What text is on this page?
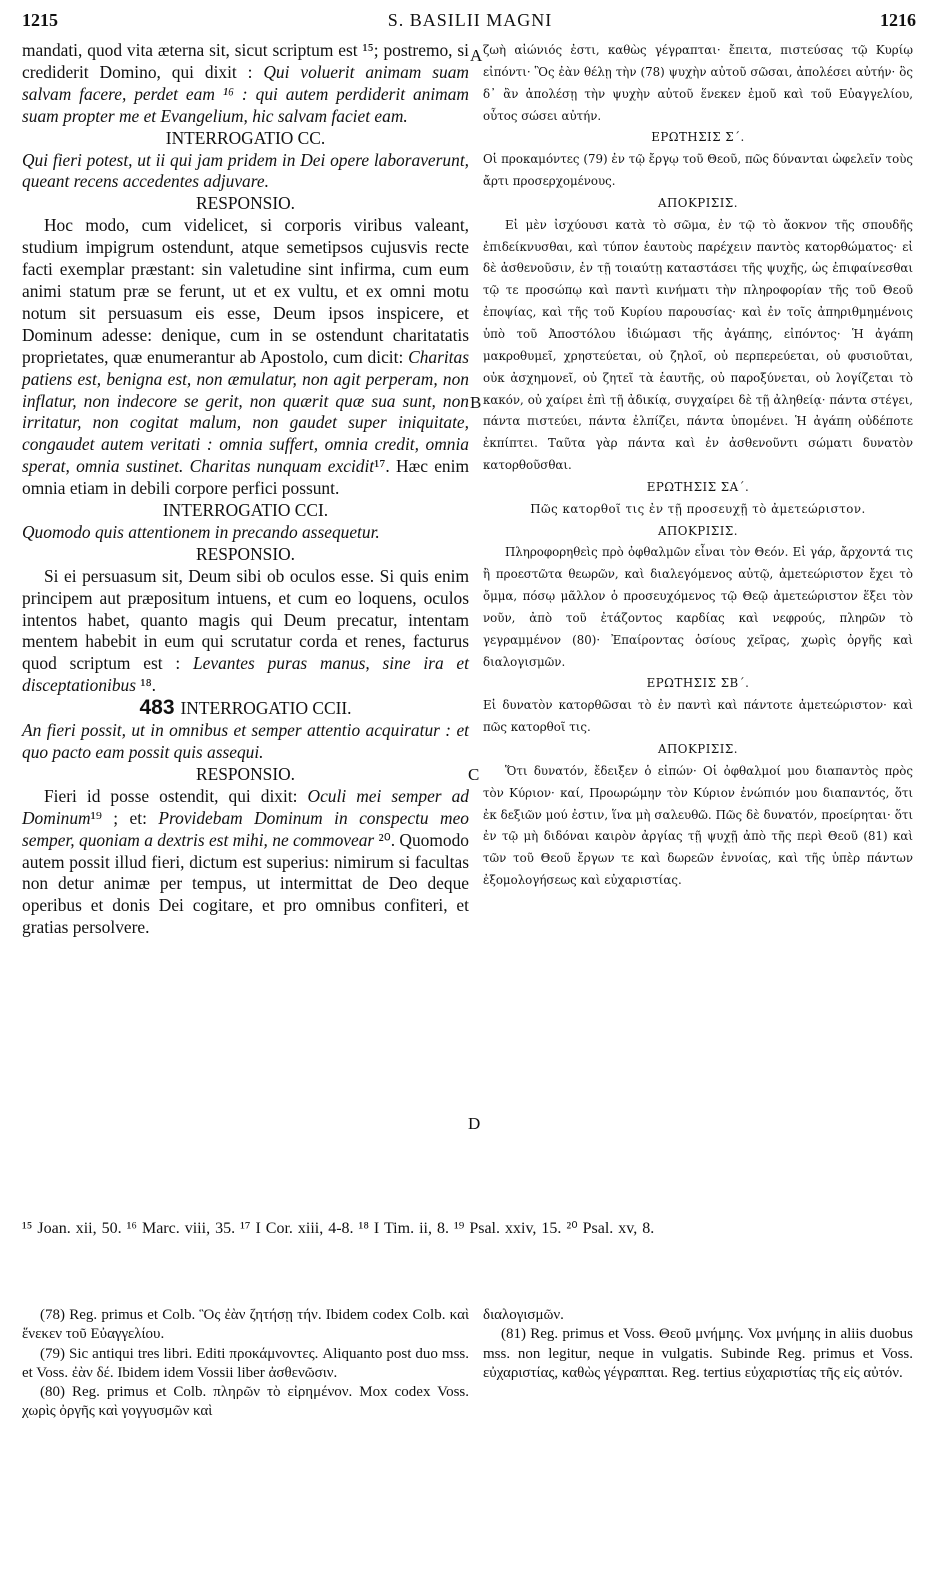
1215	S. BASILII MAGNI	1216

mandati, quod vita æterna sit, sicut scriptum est ¹⁵; postremo, si crediderit Domino, qui dixit : Qui voluerit animam suam salvam facere, perdet eam ¹⁶ : qui autem perdiderit animam suam propter me et Evangelium, hic salvam faciet eam.

INTERROGATIO CC.

Qui fieri potest, ut ii qui jam pridem in Dei opere laboraverunt, queant recens accedentes adjuvare.

RESPONSIO.

Hoc modo, cum videlicet, si corporis viribus valeant, studium impigrum ostendunt, atque semetipsos cujusvis recte facti exemplar præstant: sin valetudine sint infirma, cum eum animi statum præ se ferunt, ut et ex vultu, et ex omni motu notum sit persuasum eis esse, Deum ipsos inspicere, et Dominum adesse: denique, cum in se ostendunt charitatatis proprietates, quæ enumerantur ab Apostolo, cum dicit: Charitas patiens est, benigna est, non æmulatur, non agit perperam, non inflatur, non indecore se gerit, non quærit quæ sua sunt, non irritatur, non cogitat malum, non gaudet super iniquitate, congaudet autem veritati : omnia suffert, omnia credit, omnia sperat, omnia sustinet. Charitas nunquam excidit¹⁷. Hæc enim omnia etiam in debili corpore perfici possunt.

INTERROGATIO CCI.

Quomodo quis attentionem in precando assequetur.

RESPONSIO.

Si ei persuasum sit, Deum sibi ob oculos esse. Si quis enim principem aut præpositum intuens, et cum eo loquens, oculos intentos habet, quanto magis qui Deum precatur, intentam mentem habebit in eum qui scrutatur corda et renes, facturus quod scriptum est : Levantes puras manus, sine ira et disceptationibus ¹⁸.

483 INTERROGATIO CCII.

An fieri possit, ut in omnibus et semper attentio acquiratur : et quo pacto eam possit quis assequi.

RESPONSIO.

Fieri id posse ostendit, qui dixit: Oculi mei semper ad Dominum¹⁹ ; et: Providebam Dominum in conspectu meo semper, quoniam a dextris est mihi, ne commovear ²⁰. Quomodo autem possit illud fieri, dictum est superius: nimirum si facultas non detur animæ per tempus, ut intermittat de Deo deque operibus et donis Dei cogitare, et pro omnibus confiteri, et gratias persolvere.

A
B
C
D

ζωὴ αἰώνιός ἐστι, καθὼς γέγραπται· ἔπειτα, πιστεύσας τῷ Κυρίῳ εἰπόντι· Ὃς ἐὰν θέλῃ τὴν (78) ψυχὴν αὐτοῦ σῶσαι, ἀπολέσει αὐτήν· ὃς δ᾽ ἂν ἀπολέσῃ τὴν ψυχὴν αὐτοῦ ἕνεκεν ἐμοῦ καὶ τοῦ Εὐαγγελίου, οὗτος σώσει αὐτήν.

ΕΡΩΤΗΣΙΣ Σ΄.

Οἱ προκαμόντες (79) ἐν τῷ ἔργῳ τοῦ Θεοῦ, πῶς δύνανται ὠφελεῖν τοὺς ἄρτι προσερχομένους.

ΑΠΟΚΡΙΣΙΣ.

Εἰ μὲν ἰσχύουσι κατὰ τὸ σῶμα, ἐν τῷ τὸ ἄοκνον τῆς σπουδῆς ἐπιδείκνυσθαι, καὶ τύπον ἑαυτοὺς παρέχειν παντὸς κατορθώματος· εἰ δὲ ἀσθενοῦσιν, ἐν τῇ τοιαύτῃ καταστάσει τῆς ψυχῆς, ὡς ἐπιφαίνεσθαι τῷ τε προσώπῳ καὶ παντὶ κινήματι τὴν πληροφορίαν τῆς τοῦ Θεοῦ ἐποψίας, καὶ τῆς τοῦ Κυρίου παρουσίας· καὶ ἐν τοῖς ἀπηριθμημένοις ὑπὸ τοῦ Ἀποστόλου ἰδιώμασι τῆς ἀγάπης, εἰπόντος· Ἡ ἀγάπη μακροθυμεῖ, χρηστεύεται, οὐ ζηλοῖ, οὐ περπερεύεται, οὐ φυσιοῦται, οὐκ ἀσχημονεῖ, οὐ ζητεῖ τὰ ἑαυτῆς, οὐ παροξύνεται, οὐ λογίζεται τὸ κακόν, οὐ χαίρει ἐπὶ τῇ ἀδικίᾳ, συγχαίρει δὲ τῇ ἀληθείᾳ· πάντα στέγει, πάντα πιστεύει, πάντα ἐλπίζει, πάντα ὑπομένει. Ἡ ἀγάπη οὐδέποτε ἐκπίπτει. Ταῦτα γὰρ πάντα καὶ ἐν ἀσθενοῦντι σώματι δυνατὸν κατορθοῦσθαι.

ΕΡΩΤΗΣΙΣ ΣΑ΄.

Πῶς κατορθοῖ τις ἐν τῇ προσευχῇ τὸ ἀμετεώριστον.

ΑΠΟΚΡΙΣΙΣ.

Πληροφορηθεὶς πρὸ ὀφθαλμῶν εἶναι τὸν Θεόν. Εἰ γάρ, ἄρχοντά τις ἢ προεστῶτα θεωρῶν, καὶ διαλεγόμενος αὐτῷ, ἀμετεώριστον ἔχει τὸ ὄμμα, πόσῳ μᾶλλον ὁ προσευχόμενος τῷ Θεῷ ἀμετεώριστον ἕξει τὸν νοῦν, ἀπὸ τοῦ ἐτάζοντος καρδίας καὶ νεφρούς, πληρῶν τὸ γεγραμμένον (80)· Ἐπαίροντας ὁσίους χεῖρας, χωρὶς ὀργῆς καὶ διαλογισμῶν.

ΕΡΩΤΗΣΙΣ ΣΒ΄.

Εἰ δυνατὸν κατορθῶσαι τὸ ἐν παντὶ καὶ πάντοτε ἀμετεώριστον· καὶ πῶς κατορθοῖ τις.

ΑΠΟΚΡΙΣΙΣ.

Ὅτι δυνατόν, ἔδειξεν ὁ εἰπών· Οἱ ὀφθαλμοί μου διαπαντὸς πρὸς τὸν Κύριον· καί, Προωρώμην τὸν Κύριον ἐνώπιόν μου διαπαντός, ὅτι ἐκ δεξιῶν μού ἐστιν, ἵνα μὴ σαλευθῶ. Πῶς δὲ δυνατόν, προείρηται· ὅτι ἐν τῷ μὴ διδόναι καιρὸν ἀργίας τῇ ψυχῇ ἀπὸ τῆς περὶ Θεοῦ (81) καὶ τῶν τοῦ Θεοῦ ἔργων τε καὶ δωρεῶν ἐννοίας, καὶ τῆς ὑπὲρ πάντων ἐξομολογήσεως καὶ εὐχαριστίας.

¹⁵ Joan. xii, 50. ¹⁶ Marc. viii, 35. ¹⁷ I Cor. xiii, 4-8. ¹⁸ I Tim. ii, 8. ¹⁹ Psal. xxiv, 15. ²⁰ Psal. xv, 8.

(78) Reg. primus et Colb. Ὃς ἐὰν ζητήσῃ τήν. Ibidem codex Colb. καὶ ἕνεκεν τοῦ Εὐαγγελίου.

(79) Sic antiqui tres libri. Editi προκάμνοντες. Aliquanto post duo mss. et Voss. ἐὰν δέ. Ibidem idem Vossii liber ἀσθενῶσιν.

(80) Reg. primus et Colb. πληρῶν τὸ εἰρημένον. Mox codex Voss. χωρὶς ὀργῆς καὶ γογγυσμῶν καὶ

διαλογισμῶν.

(81) Reg. primus et Voss. Θεοῦ μνήμης. Vox μνήμης in aliis duobus mss. non legitur, neque in vulgatis. Subinde Reg. primus et Voss. εὐχαριστίας, καθὼς γέγραπται. Reg. tertius εὐχαριστίας τῆς εἰς αὐτόν.
